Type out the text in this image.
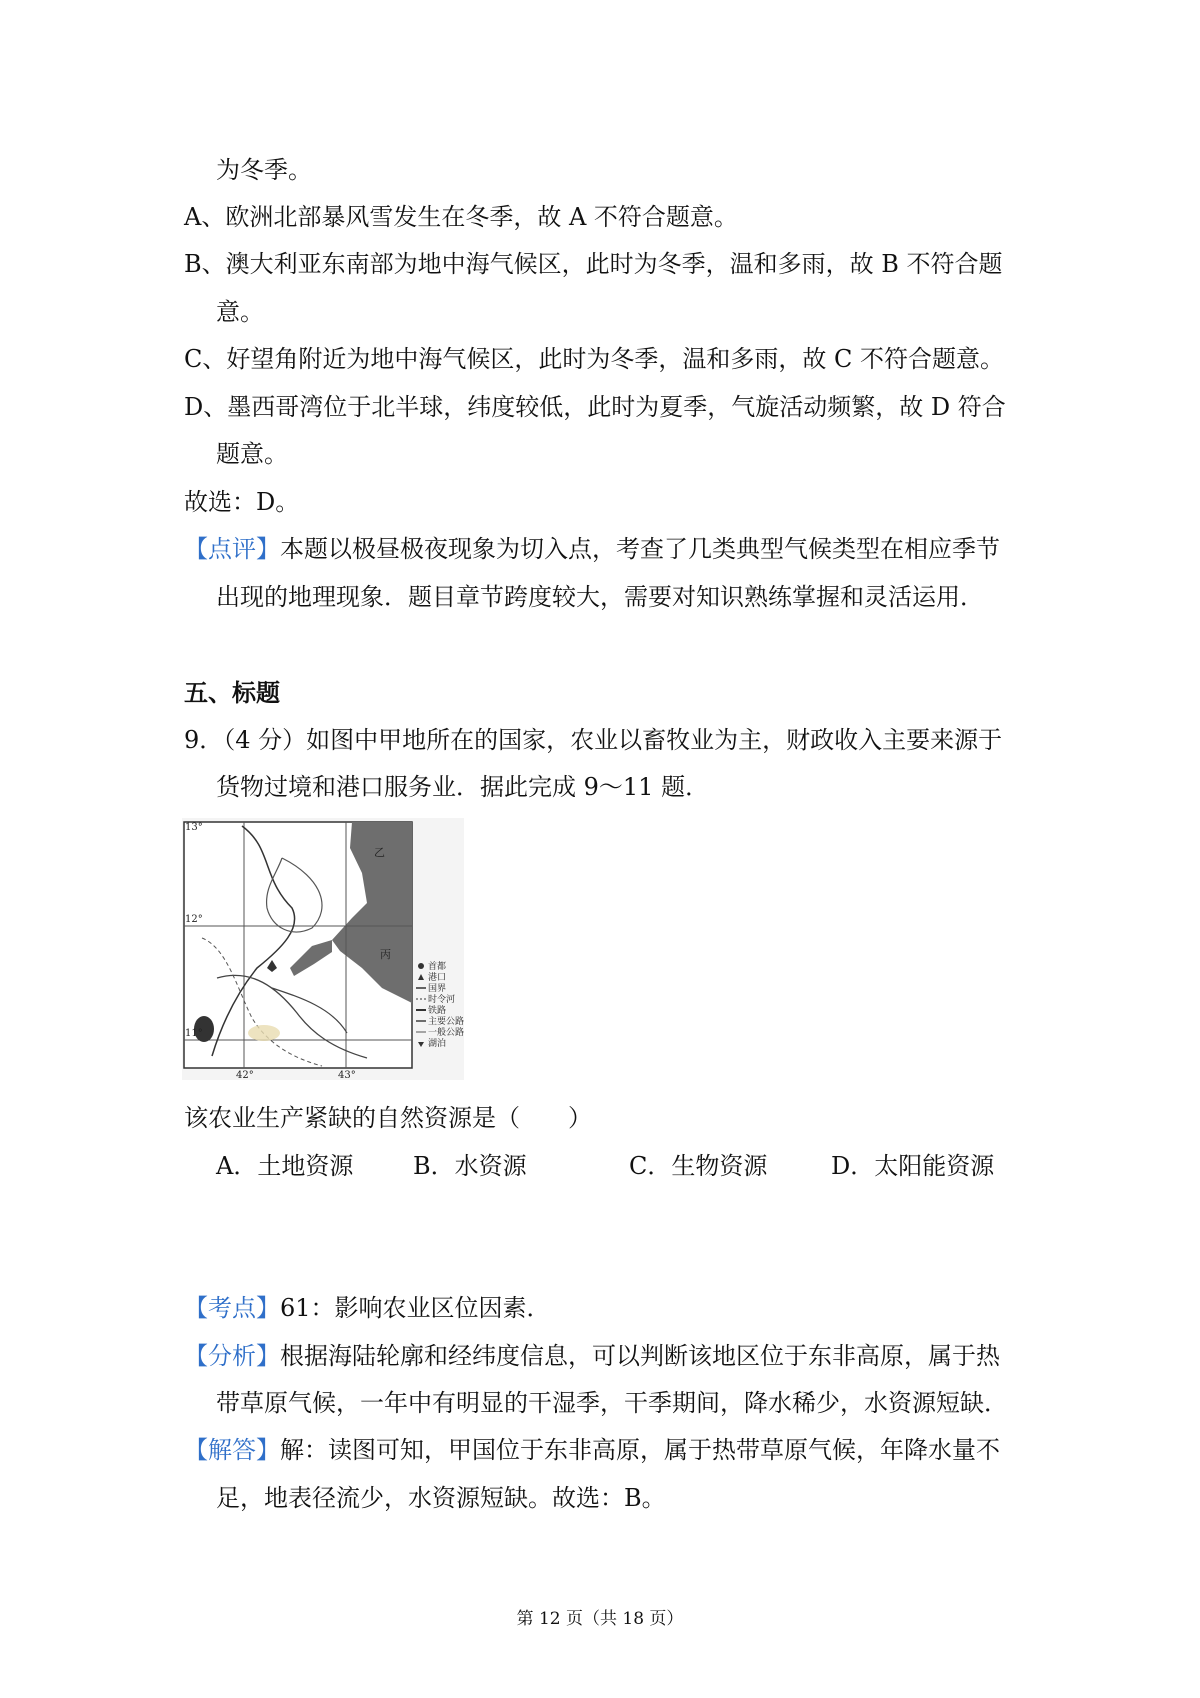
为冬季。
A、欧洲北部暴风雪发生在冬季，故 A 不符合题意。
B、澳大利亚东南部为地中海气候区，此时为冬季，温和多雨，故 B 不符合题
意。
C、好望角附近为地中海气候区，此时为冬季，温和多雨，故 C 不符合题意。
D、墨西哥湾位于北半球，纬度较低，此时为夏季，气旋活动频繁，故 D 符合
题意。
故选：D。
【点评】本题以极昼极夜现象为切入点，考查了几类典型气候类型在相应季节
出现的地理现象．题目章节跨度较大，需要对知识熟练掌握和灵活运用．
五、标题
9．（4 分）如图中甲地所在的国家，农业以畜牧业为主，财政收入主要来源于
货物过境和港口服务业．据此完成 9～11 题．
13°
12°
11°
42°	43°
乙
丙
首都
港口
国界
时令河
铁路
主要公路
一般公路
湖泊
该农业生产紧缺的自然资源是（　　）
A．土地资源 B．水资源	C．生物资源	D．太阳能资源
【考点】61：影响农业区位因素．
【分析】根据海陆轮廓和经纬度信息，可以判断该地区位于东非高原，属于热
带草原气候，一年中有明显的干湿季，干季期间，降水稀少，水资源短缺．
【解答】解：读图可知，甲国位于东非高原，属于热带草原气候，年降水量不
足，地表径流少，水资源短缺。故选：B。
第 12 页（共 18 页）
